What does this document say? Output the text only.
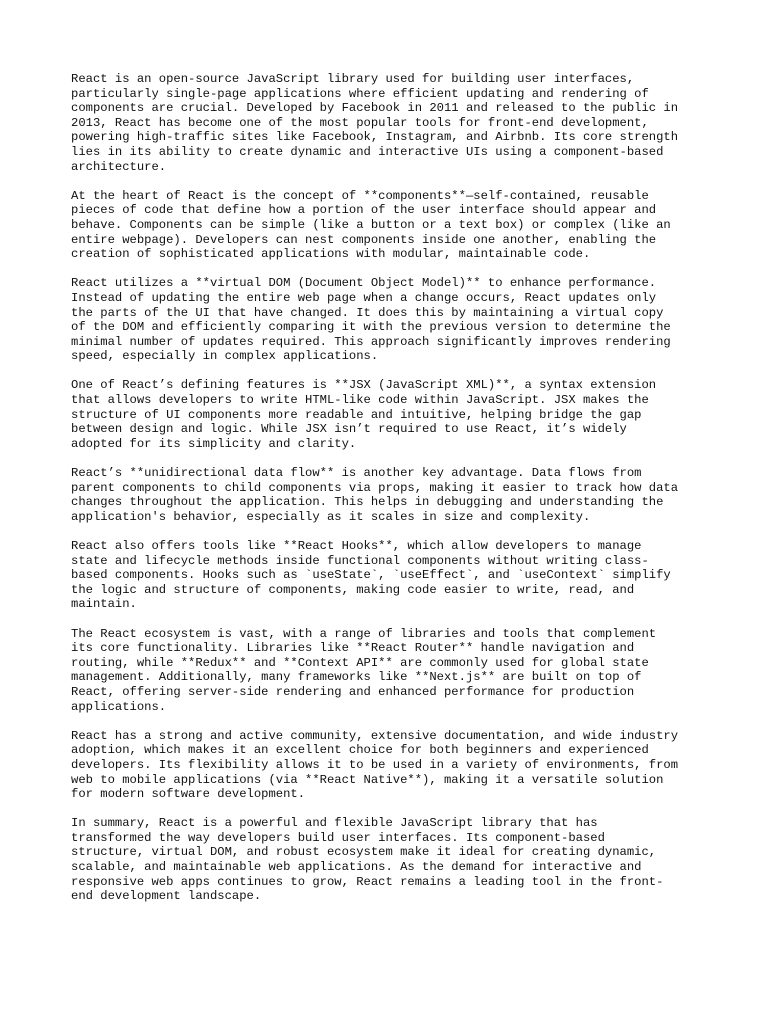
React is an open-source JavaScript library used for building user interfaces,
particularly single-page applications where efficient updating and rendering of
components are crucial. Developed by Facebook in 2011 and released to the public in
2013, React has become one of the most popular tools for front-end development,
powering high-traffic sites like Facebook, Instagram, and Airbnb. Its core strength
lies in its ability to create dynamic and interactive UIs using a component-based
architecture.

At the heart of React is the concept of **components**—self-contained, reusable
pieces of code that define how a portion of the user interface should appear and
behave. Components can be simple (like a button or a text box) or complex (like an
entire webpage). Developers can nest components inside one another, enabling the
creation of sophisticated applications with modular, maintainable code.

React utilizes a **virtual DOM (Document Object Model)** to enhance performance.
Instead of updating the entire web page when a change occurs, React updates only
the parts of the UI that have changed. It does this by maintaining a virtual copy
of the DOM and efficiently comparing it with the previous version to determine the
minimal number of updates required. This approach significantly improves rendering
speed, especially in complex applications.

One of React’s defining features is **JSX (JavaScript XML)**, a syntax extension
that allows developers to write HTML-like code within JavaScript. JSX makes the
structure of UI components more readable and intuitive, helping bridge the gap
between design and logic. While JSX isn’t required to use React, it’s widely
adopted for its simplicity and clarity.

React’s **unidirectional data flow** is another key advantage. Data flows from
parent components to child components via props, making it easier to track how data
changes throughout the application. This helps in debugging and understanding the
application's behavior, especially as it scales in size and complexity.

React also offers tools like **React Hooks**, which allow developers to manage
state and lifecycle methods inside functional components without writing class-
based components. Hooks such as `useState`, `useEffect`, and `useContext` simplify
the logic and structure of components, making code easier to write, read, and
maintain.

The React ecosystem is vast, with a range of libraries and tools that complement
its core functionality. Libraries like **React Router** handle navigation and
routing, while **Redux** and **Context API** are commonly used for global state
management. Additionally, many frameworks like **Next.js** are built on top of
React, offering server-side rendering and enhanced performance for production
applications.

React has a strong and active community, extensive documentation, and wide industry
adoption, which makes it an excellent choice for both beginners and experienced
developers. Its flexibility allows it to be used in a variety of environments, from
web to mobile applications (via **React Native**), making it a versatile solution
for modern software development.

In summary, React is a powerful and flexible JavaScript library that has
transformed the way developers build user interfaces. Its component-based
structure, virtual DOM, and robust ecosystem make it ideal for creating dynamic,
scalable, and maintainable web applications. As the demand for interactive and
responsive web apps continues to grow, React remains a leading tool in the front-
end development landscape.
